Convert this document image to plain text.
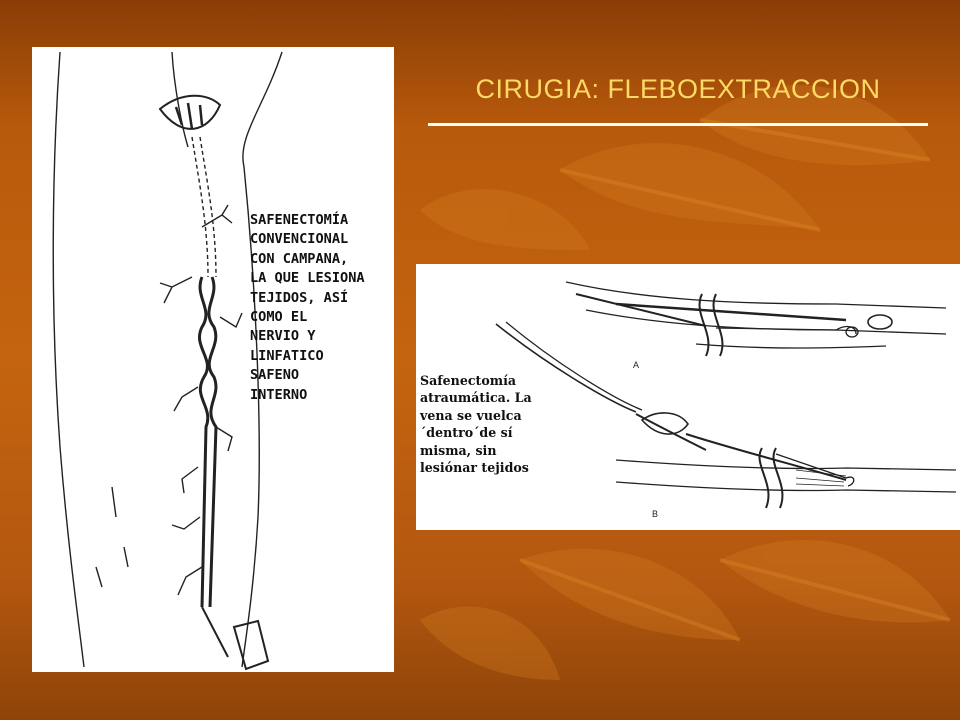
CIRUGIA: FLEBOEXTRACCION
SAFENECTOMÍA
CONVENCIONAL
CON CAMPANA,
LA QUE LESIONA
TEJIDOS, ASÍ
COMO EL
NERVIO Y
LINFATICO
SAFENO
INTERNO
A
B
Safenectomía
atraumática. La
vena se vuelca
´dentro´de sí
misma, sin
lesiónar tejidos
